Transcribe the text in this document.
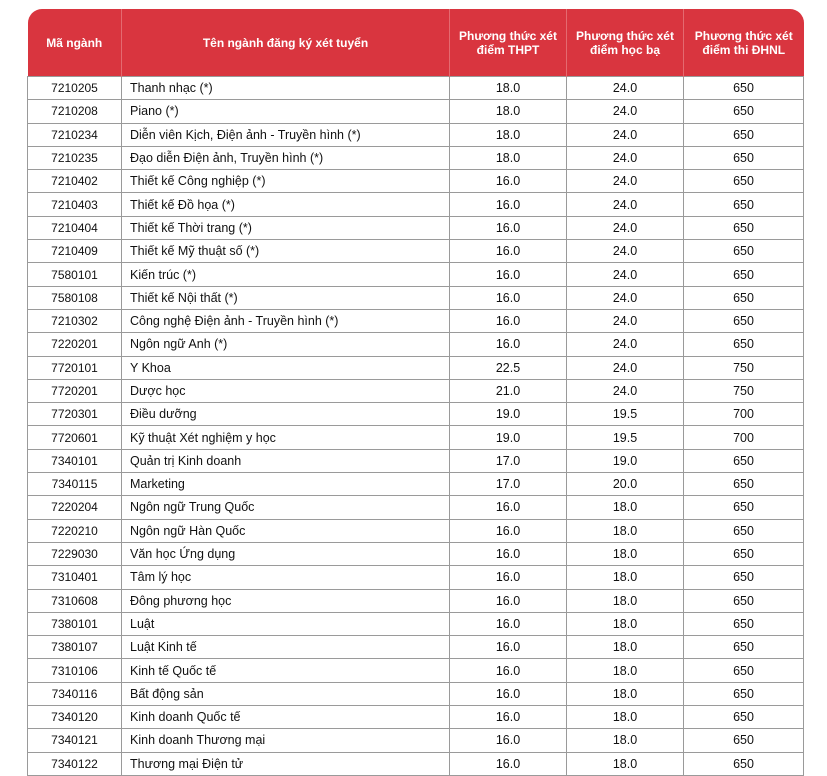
Mã ngành	Tên ngành đăng ký xét tuyển	Phương thức xét điểm THPT	Phương thức xét điểm học bạ	Phương thức xét điểm thi ĐHNL
7210205	Thanh nhạc (*)	18.0	24.0	650
7210208	Piano (*)	18.0	24.0	650
7210234	Diễn viên Kịch, Điện ảnh - Truyền hình (*)	18.0	24.0	650
7210235	Đạo diễn Điện ảnh, Truyền hình (*)	18.0	24.0	650
7210402	Thiết kế Công nghiệp (*)	16.0	24.0	650
7210403	Thiết kế Đồ họa (*)	16.0	24.0	650
7210404	Thiết kế Thời trang (*)	16.0	24.0	650
7210409	Thiết kế Mỹ thuật số (*)	16.0	24.0	650
7580101	Kiến trúc (*)	16.0	24.0	650
7580108	Thiết kế Nội thất (*)	16.0	24.0	650
7210302	Công nghệ Điện ảnh - Truyền hình (*)	16.0	24.0	650
7220201	Ngôn ngữ Anh (*)	16.0	24.0	650
7720101	Y Khoa	22.5	24.0	750
7720201	Dược học	21.0	24.0	750
7720301	Điều dưỡng	19.0	19.5	700
7720601	Kỹ thuật Xét nghiệm y học	19.0	19.5	700
7340101	Quản trị Kinh doanh	17.0	19.0	650
7340115	Marketing	17.0	20.0	650
7220204	Ngôn ngữ Trung Quốc	16.0	18.0	650
7220210	Ngôn ngữ Hàn Quốc	16.0	18.0	650
7229030	Văn học Ứng dụng	16.0	18.0	650
7310401	Tâm lý học	16.0	18.0	650
7310608	Đông phương học	16.0	18.0	650
7380101	Luật	16.0	18.0	650
7380107	Luật Kinh tế	16.0	18.0	650
7310106	Kinh tế Quốc tế	16.0	18.0	650
7340116	Bất động sản	16.0	18.0	650
7340120	Kinh doanh Quốc tế	16.0	18.0	650
7340121	Kinh doanh Thương mại	16.0	18.0	650
7340122	Thương mại Điện tử	16.0	18.0	650
